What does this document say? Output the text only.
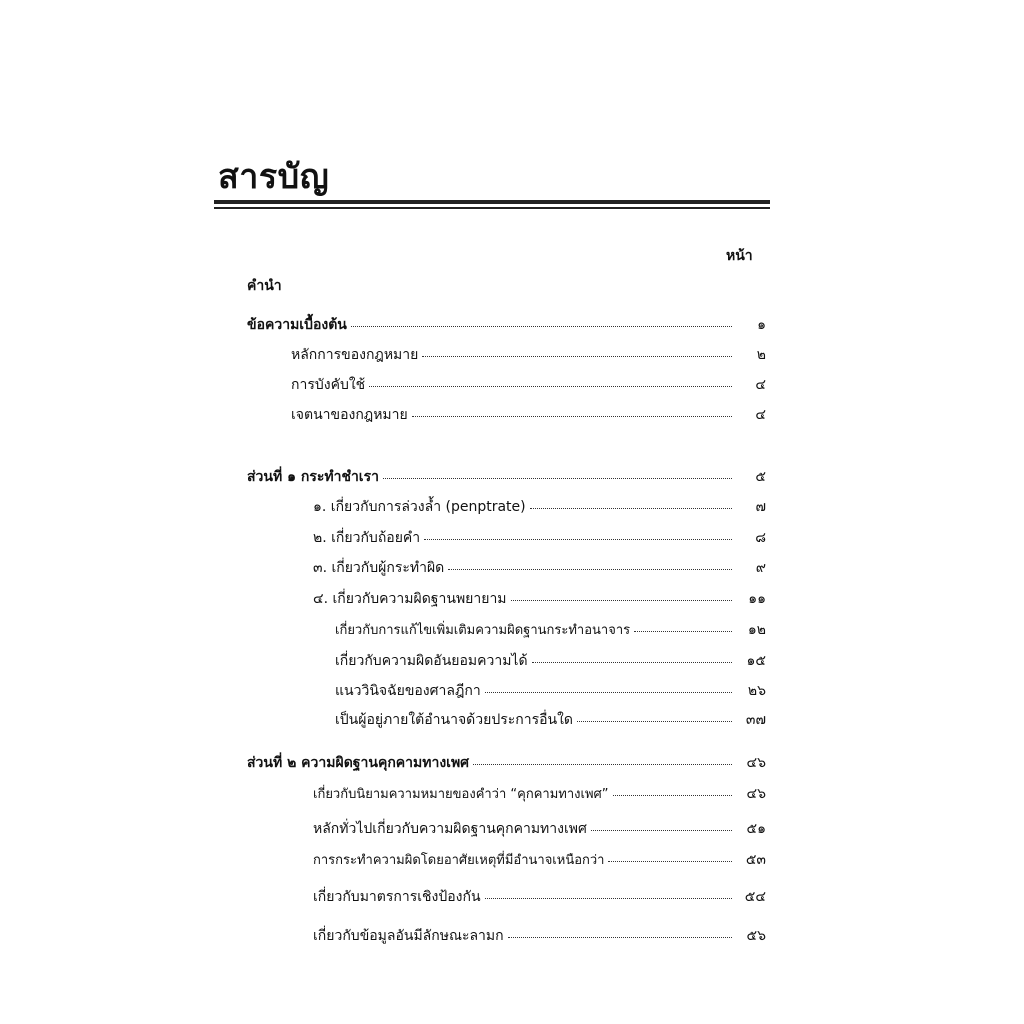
สารบัญ
หน้า
คำนำ
ข้อความเบื้องต้น	๑
หลักการของกฎหมาย	๒
การบังคับใช้	๔
เจตนาของกฎหมาย	๔
ส่วนที่ ๑ กระทำชำเรา	๕
๑. เกี่ยวกับการล่วงล้ำ (penptrate)	๗
๒. เกี่ยวกับถ้อยคำ	๘
๓. เกี่ยวกับผู้กระทำผิด	๙
๔. เกี่ยวกับความผิดฐานพยายาม	๑๑
เกี่ยวกับการแก้ไขเพิ่มเติมความผิดฐานกระทำอนาจาร	๑๒
เกี่ยวกับความผิดอันยอมความได้	๑๕
แนววินิจฉัยของศาลฎีกา	๒๖
เป็นผู้อยู่ภายใต้อำนาจด้วยประการอื่นใด	๓๗
ส่วนที่ ๒ ความผิดฐานคุกคามทางเพศ	๔๖
เกี่ยวกับนิยามความหมายของคำว่า “คุกคามทางเพศ”	๔๖
หลักทั่วไปเกี่ยวกับความผิดฐานคุกคามทางเพศ	๕๑
การกระทำความผิดโดยอาศัยเหตุที่มีอำนาจเหนือกว่า	๕๓
เกี่ยวกับมาตรการเชิงป้องกัน	๕๔
เกี่ยวกับข้อมูลอันมีลักษณะลามก	๕๖
